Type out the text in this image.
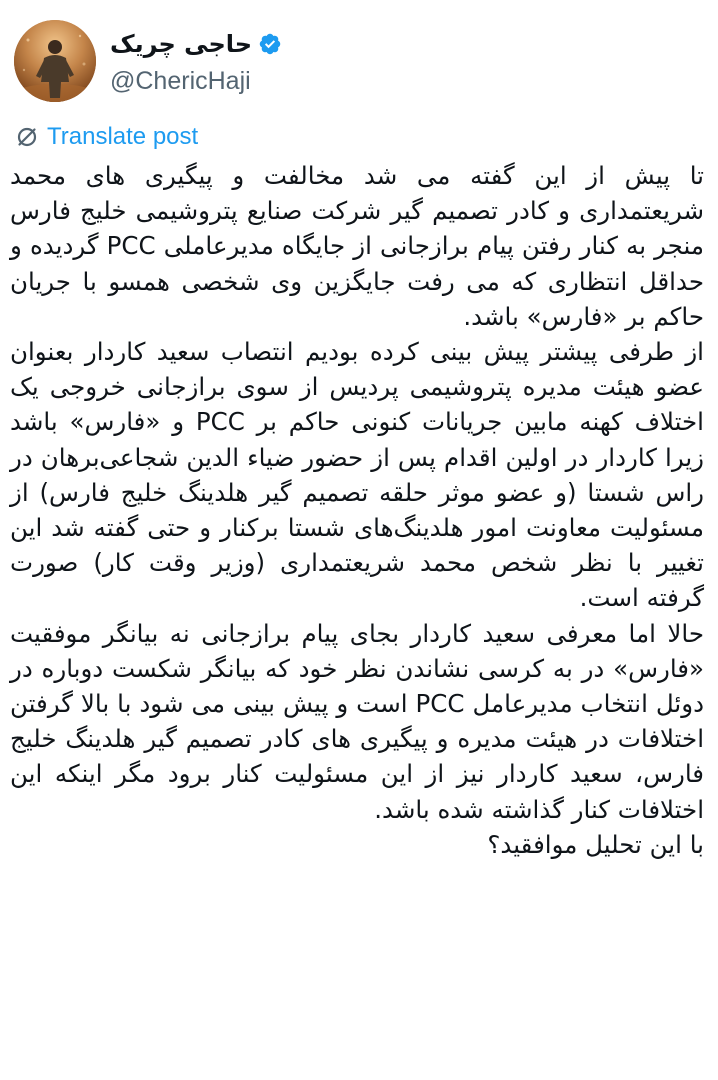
حاجی چریک
@ChericHaji
Translate post

تا پیش از این گفته می شد مخالفت و پیگیری های محمد شریعتمداری و کادر تصمیم گیر شرکت صنایع پتروشیمی خلیج فارس منجر به کنار رفتن پیام برازجانی از جایگاه مدیرعاملی PCC گردیده و حداقل انتظاری که می رفت جایگزین وی شخصی همسو با جریان حاکم بر «فارس» باشد.

از طرفی پیشتر پیش بینی کرده بودیم انتصاب سعید کاردار بعنوان عضو هیئت مدیره پتروشیمی پردیس از سوی برازجانی خروجی یک اختلاف کهنه مابین جریانات کنونی حاکم بر PCC و «فارس» باشد زیرا کاردار در اولین اقدام پس از حضور ضیاء الدین شجاعی‌برهان در راس شستا (و عضو موثر حلقه تصمیم گیر هلدینگ خلیج فارس) از مسئولیت معاونت امور هلدینگ‌های شستا برکنار و حتی گفته شد این تغییر با نظر شخص محمد شریعتمداری (وزیر وقت کار) صورت گرفته است.

حالا اما معرفی سعید کاردار بجای پیام برازجانی نه بیانگر موفقیت «فارس» در به کرسی نشاندن نظر خود که بیانگر شکست دوباره در دوئل انتخاب مدیرعامل PCC است و پیش بینی می شود با بالا گرفتن اختلافات در هیئت مدیره و پیگیری های کادر تصمیم گیر هلدینگ خلیج فارس، سعید کاردار نیز از این مسئولیت کنار برود مگر اینکه این اختلافات کنار گذاشته شده باشد.

با این تحلیل موافقید؟
